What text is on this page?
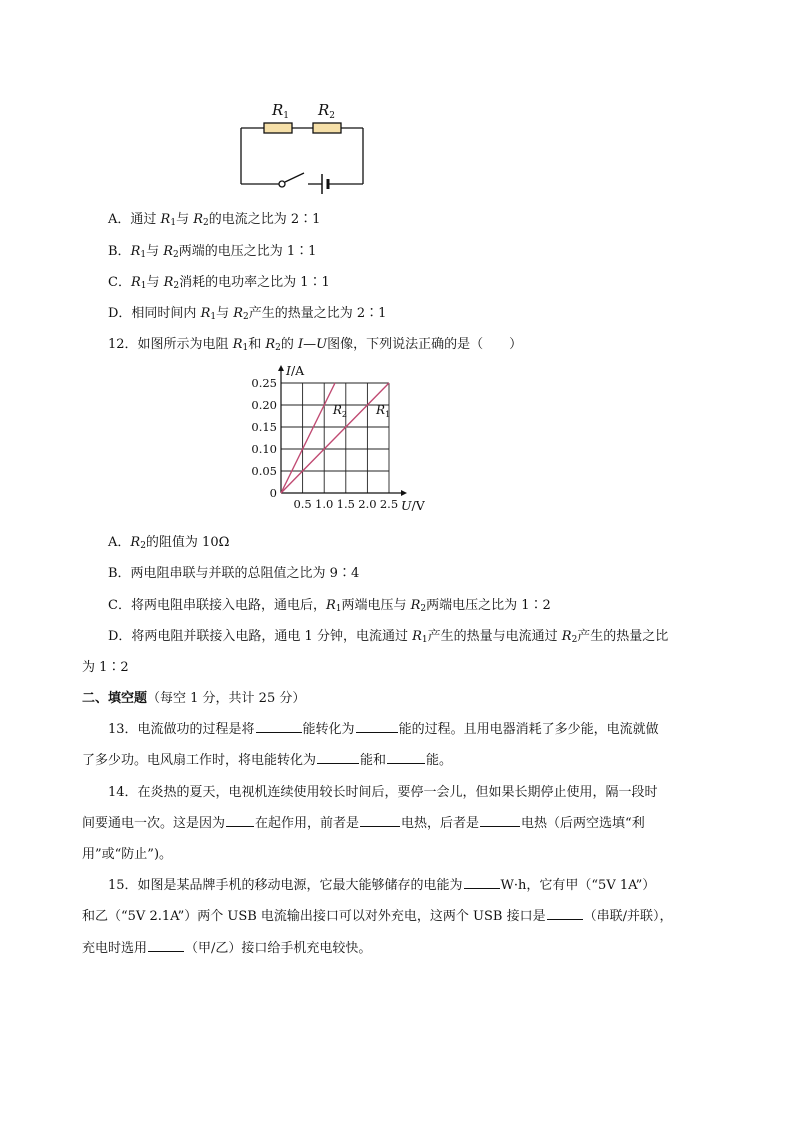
$R_1$ $R_2$
A．通过 $R_1$与 $R_2$的电流之比为 2∶1
B．$R_1$与 $R_2$两端的电压之比为 1∶1
C．$R_1$与 $R_2$消耗的电功率之比为 1∶1
D．相同时间内 $R_1$与 $R_2$产生的热量之比为 2∶1
12．如图所示为电阻 $R_1$和 $R_2$的 I—U图像，下列说法正确的是（　　）
0.5 1.0 1.5 2.0 2.5
0.25
0.20
0.15
0.10
0.05
0
I/A
U/V
$R_1$
$R_2$
A．$R_2$的阻值为 10Ω
B．两电阻串联与并联的总阻值之比为 9∶4
C．将两电阻串联接入电路，通电后，$R_1$两端电压与 $R_2$两端电压之比为 1∶2
D．将两电阻并联接入电路，通电 1 分钟，电流通过 $R_1$产生的热量与电流通过 $R_2$产生的热量之比
为 1∶2
二、填空题（每空 1 分，共计 25 分）
13．电流做功的过程是将	能转化为	能的过程。且用电器消耗了多少能，电流就做
了多少功。电风扇工作时，将电能转化为	能和	能。
14．在炎热的夏天，电视机连续使用较长时间后，要停一会儿，但如果长期停止使用，隔一段时
间要通电一次。这是因为 在起作用，前者是	电热，后者是	电热（后两空选填“利
用”或“防止”)。
15．如图是某品牌手机的移动电源，它最大能够储存的电能为	W·h，它有甲（“5V 1A”）
和乙（“5V 2.1A”）两个 USB 电流输出接口可以对外充电，这两个 USB 接口是	（串联/并联），
充电时选用	（甲/乙）接口给手机充电较快。
